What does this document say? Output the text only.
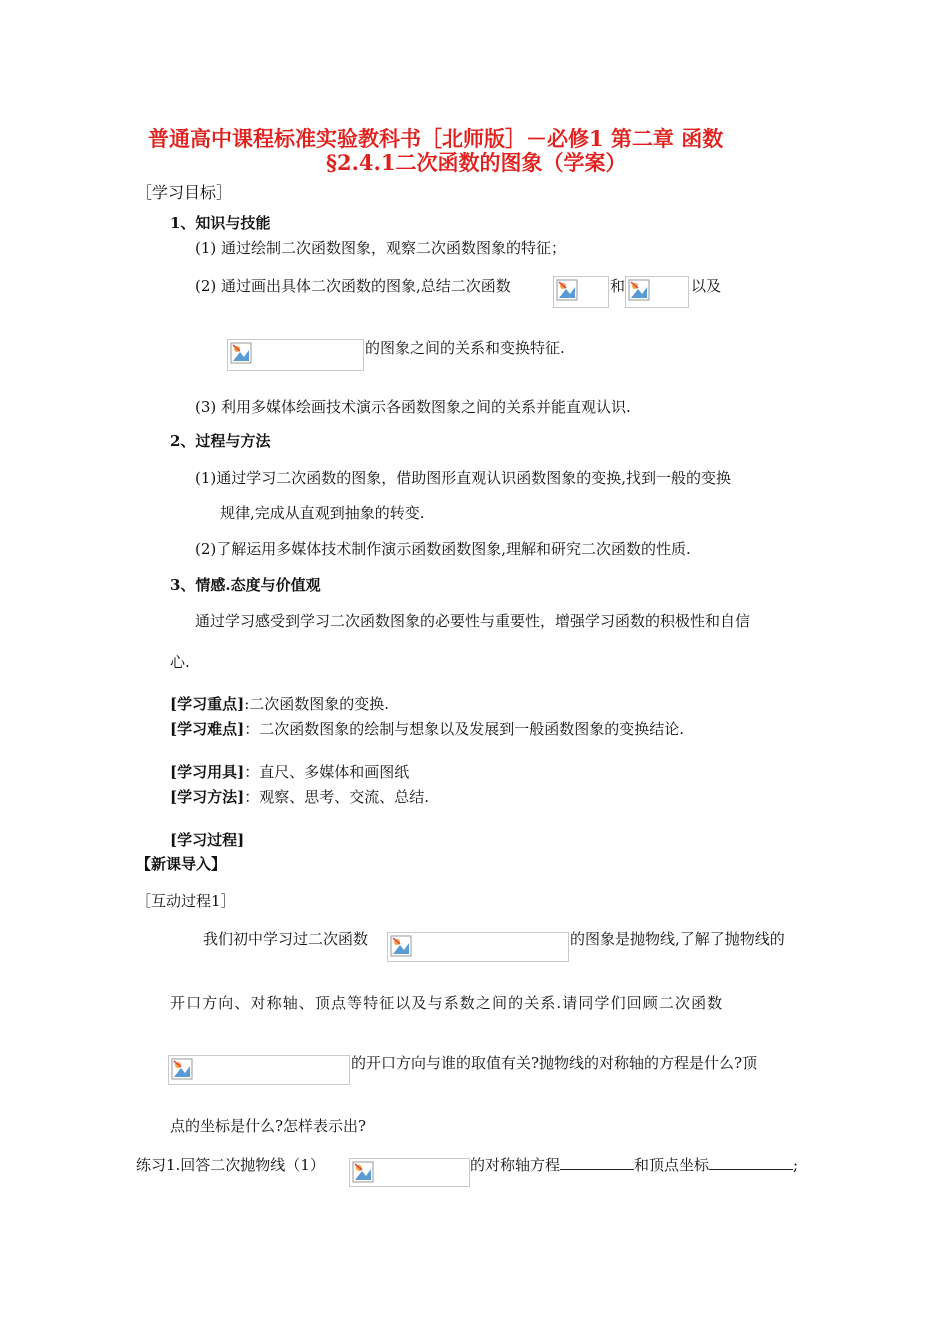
普通高中课程标准实验教科书［北师版］－必修1 第二章 函数
§2.4.1二次函数的图象（学案）
［学习目标］
1、知识与技能
(1) 通过绘制二次函数图象，观察二次函数图象的特征；
(2) 通过画出具体二次函数的图象,总结二次函数	和	以及
的图象之间的关系和变换特征.
(3) 利用多媒体绘画技术演示各函数图象之间的关系并能直观认识.
2、过程与方法
(1)通过学习二次函数的图象，借助图形直观认识函数图象的变换,找到一般的变换
规律,完成从直观到抽象的转变.
(2)了解运用多媒体技术制作演示函数函数图象,理解和研究二次函数的性质.
3、情感.态度与价值观
通过学习感受到学习二次函数图象的必要性与重要性，增强学习函数的积极性和自信
心.
[学习重点]:二次函数图象的变换.
[学习难点]：二次函数图象的绘制与想象以及发展到一般函数图象的变换结论.
[学习用具]：直尺、多媒体和画图纸
[学习方法]：观察、思考、交流、总结.
[学习过程]
【新课导入】
［互动过程1］
我们初中学习过二次函数	的图象是抛物线,了解了抛物线的
开口方向、对称轴、顶点等特征以及与系数之间的关系.请同学们回顾二次函数
的开口方向与谁的取值有关?抛物线的对称轴的方程是什么?顶
点的坐标是什么?怎样表示出?
练习1.回答二次抛物线（1）	的对称轴方程	和顶点坐标	;
